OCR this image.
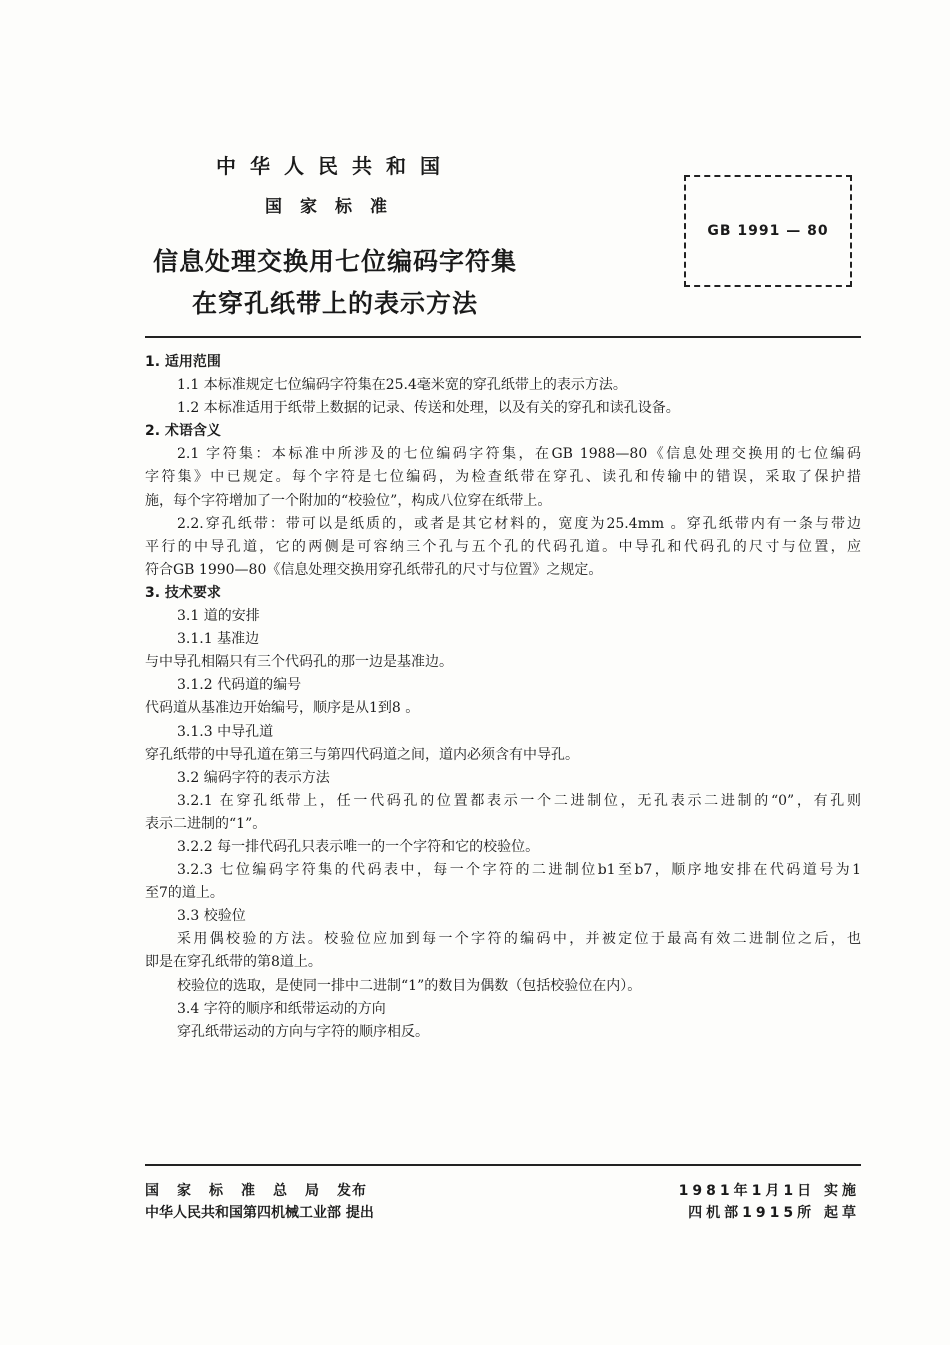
中华人民共和国
国家标准
信息处理交换用七位编码字符集
在穿孔纸带上的表示方法
GB 1991 — 80
1. 适用范围
1.1 本标准规定七位编码字符集在25.4毫米宽的穿孔纸带上的表示方法。
1.2 本标准适用于纸带上数据的记录、传送和处理，以及有关的穿孔和读孔设备。
2. 术语含义
2.1 字符集：本标准中所涉及的七位编码字符集，在GB 1988—80《信息处理交换用的七位编码
字符集》中已规定。每个字符是七位编码，为检查纸带在穿孔、读孔和传输中的错误，采取了保护措
施，每个字符增加了一个附加的“校验位”，构成八位穿在纸带上。
2.2.穿孔纸带：带可以是纸质的，或者是其它材料的，宽度为25.4mm 。穿孔纸带内有一条与带边
平行的中导孔道，它的两侧是可容纳三个孔与五个孔的代码孔道。中导孔和代码孔的尺寸与位置，应
符合GB 1990—80《信息处理交换用穿孔纸带孔的尺寸与位置》之规定。
3. 技术要求
3.1 道的安排
3.1.1 基准边
与中导孔相隔只有三个代码孔的那一边是基准边。
3.1.2 代码道的编号
代码道从基准边开始编号，顺序是从1到8 。
3.1.3 中导孔道
穿孔纸带的中导孔道在第三与第四代码道之间，道内必须含有中导孔。
3.2 编码字符的表示方法
3.2.1 在穿孔纸带上，任一代码孔的位置都表示一个二进制位，无孔表示二进制的“0”，有孔则
表示二进制的“1”。
3.2.2 每一排代码孔只表示唯一的一个字符和它的校验位。
3.2.3 七位编码字符集的代码表中，每一个字符的二进制位b1至b7，顺序地安排在代码道号为1
至7的道上。
3.3 校验位
采用偶校验的方法。校验位应加到每一个字符的编码中，并被定位于最高有效二进制位之后，也
即是在穿孔纸带的第8道上。
校验位的选取，是使同一排中二进制“1”的数目为偶数（包括校验位在内）。
3.4 字符的顺序和纸带运动的方向
穿孔纸带运动的方向与字符的顺序相反。
国家标准总局发布
中华人民共和国第四机械工业部 提出
1981年1月1日 实施
四机部1915所 起草
